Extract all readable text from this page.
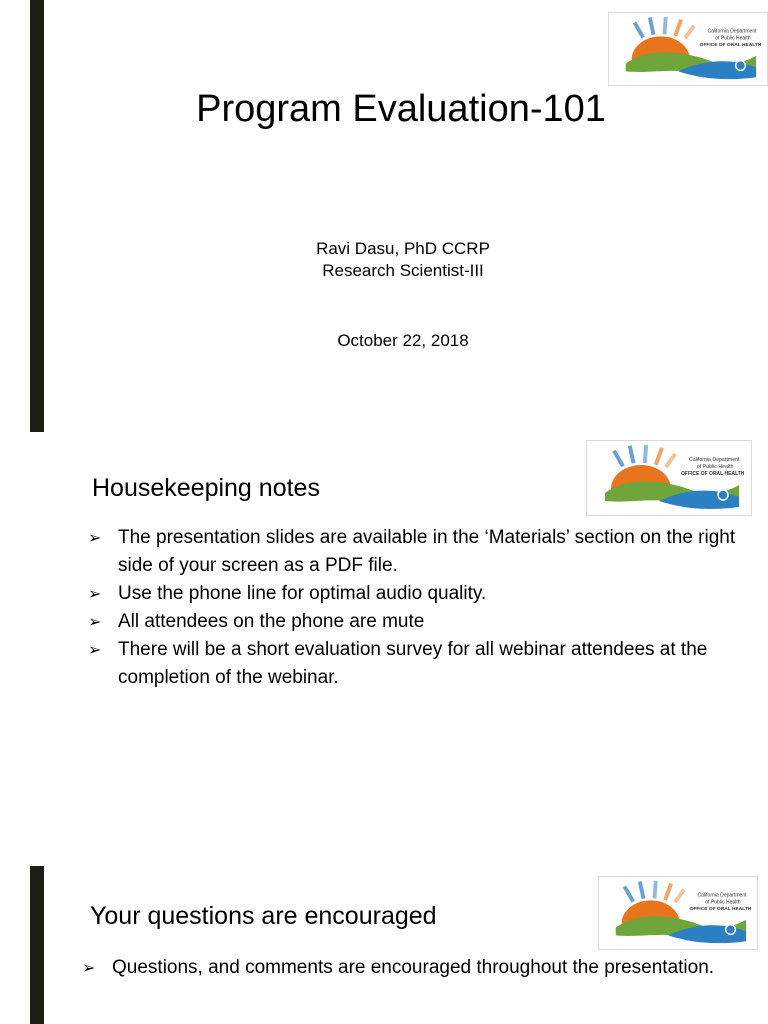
California Department
of Public Health
OFFICE OF ORAL HEALTH
Program Evaluation-101
Ravi Dasu, PhD CCRP
Research Scientist-III
October 22, 2018
California Department
of Public Health
OFFICE OF ORAL HEALTH
Housekeeping notes
➢ The presentation slides are available in the ‘Materials’ section on the right side of your screen as a PDF file.
➢ Use the phone line for optimal audio quality.
➢ All attendees on the phone are mute
➢ There will be a short evaluation survey for all webinar attendees at the completion of the webinar.
California Department
of Public Health
OFFICE OF ORAL HEALTH
Your questions are encouraged
➢ Questions, and comments are encouraged throughout the presentation.
